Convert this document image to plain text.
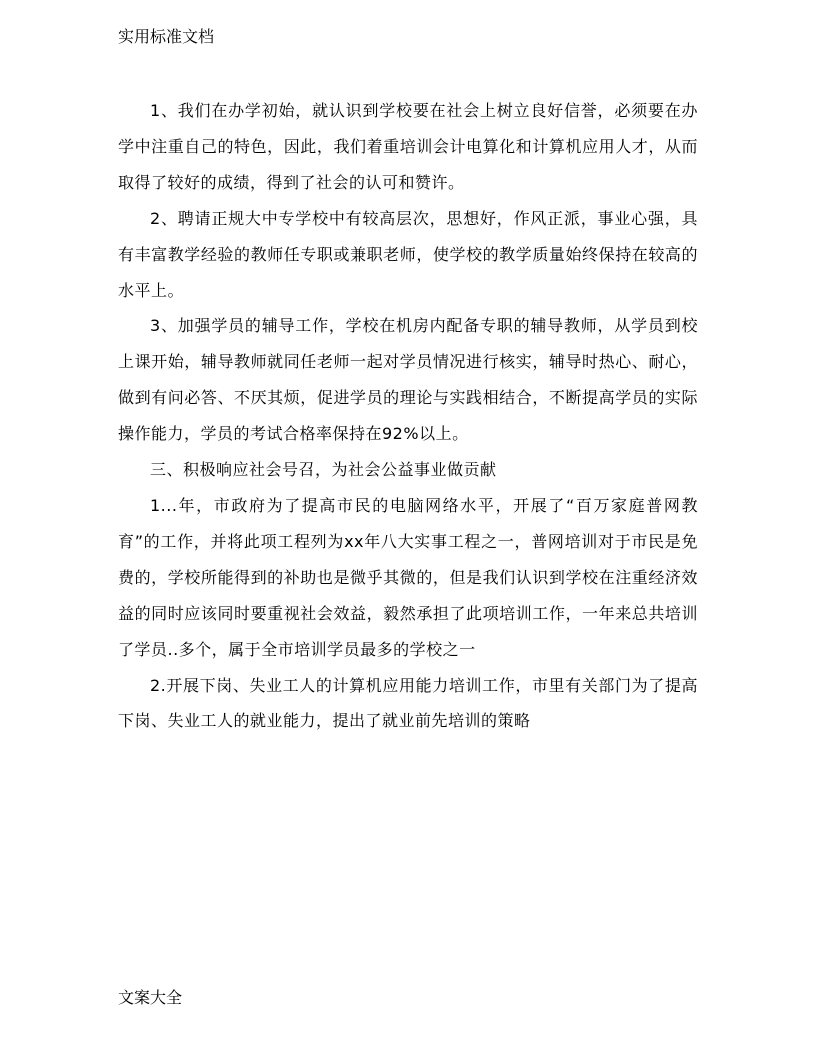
实用标准文档

1、我们在办学初始，就认识到学校要在社会上树立良好信誉，必须要在办学中注重自己的特色，因此，我们着重培训会计电算化和计算机应用人才，从而取得了较好的成绩，得到了社会的认可和赞许。

2、聘请正规大中专学校中有较高层次，思想好，作风正派，事业心强，具有丰富教学经验的教师任专职或兼职老师，使学校的教学质量始终保持在较高的水平上。

3、加强学员的辅导工作，学校在机房内配备专职的辅导教师，从学员到校上课开始，辅导教师就同任老师一起对学员情况进行核实，辅导时热心、耐心，做到有问必答、不厌其烦，促进学员的理论与实践相结合，不断提高学员的实际操作能力，学员的考试合格率保持在92%以上。

三、积极响应社会号召，为社会公益事业做贡献

1...年，市政府为了提高市民的电脑网络水平，开展了“百万家庭普网教育”的工作，并将此项工程列为xx年八大实事工程之一，普网培训对于市民是免费的，学校所能得到的补助也是微乎其微的，但是我们认识到学校在注重经济效益的同时应该同时要重视社会效益，毅然承担了此项培训工作，一年来总共培训了学员..多个，属于全市培训学员最多的学校之一

2.开展下岗、失业工人的计算机应用能力培训工作，市里有关部门为了提高下岗、失业工人的就业能力，提出了就业前先培训的策略

文案大全
